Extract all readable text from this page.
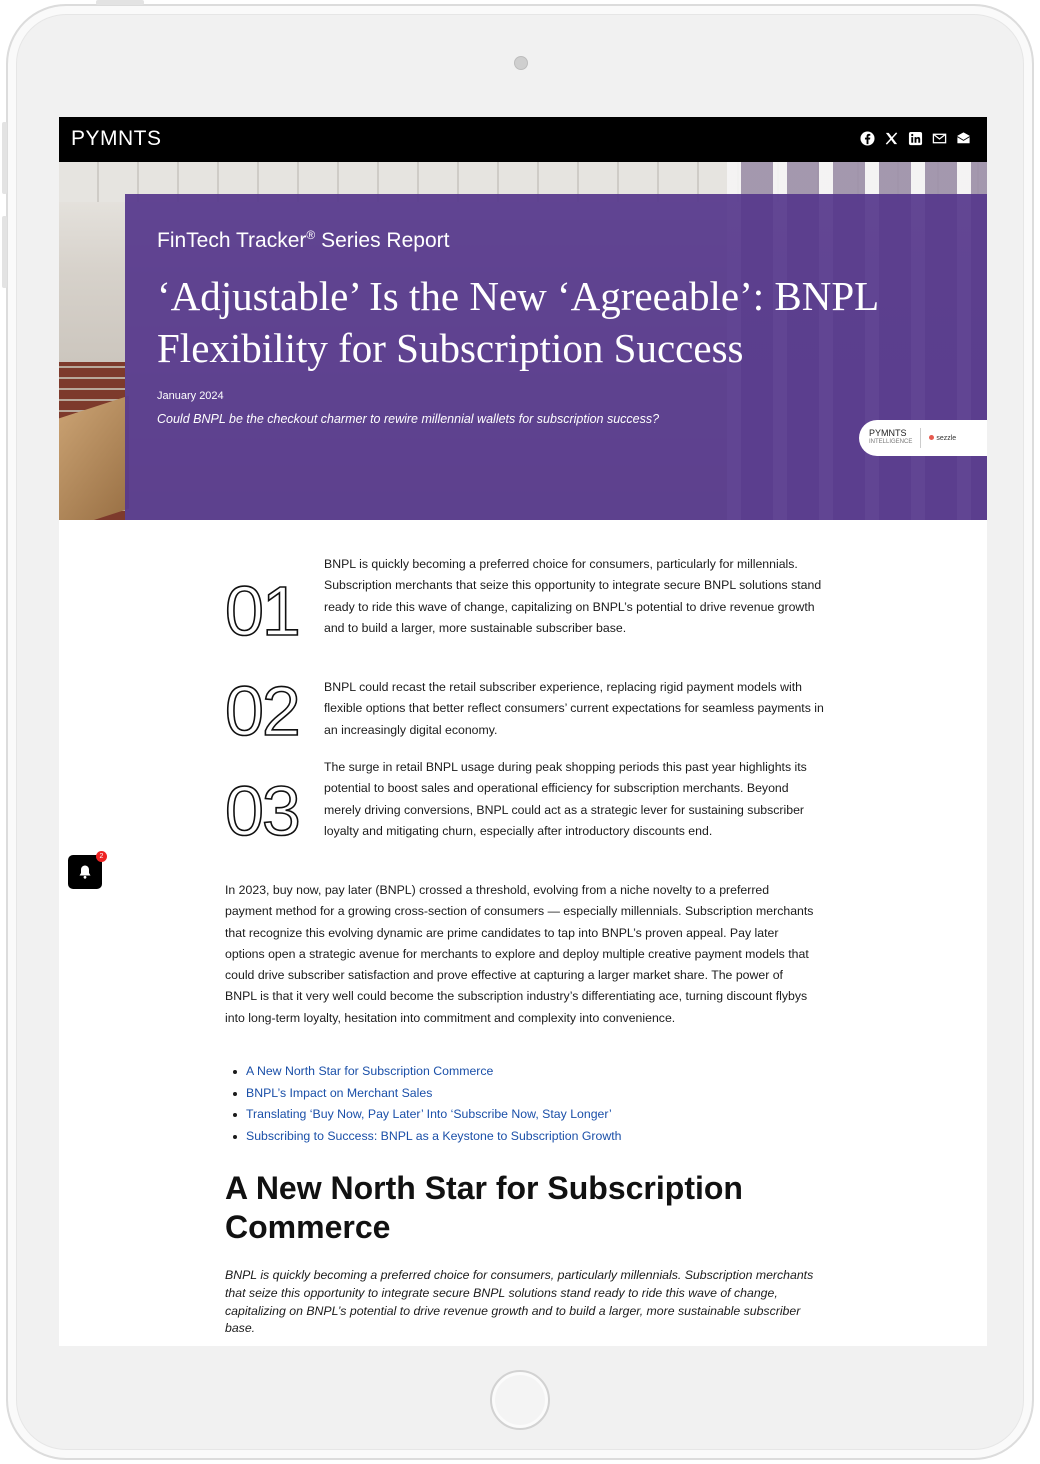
PYMNTS
FinTech Tracker® Series Report
‘Adjustable’ Is the New ‘Agreeable’: BNPL Flexibility for Subscription Success
January 2024
Could BNPL be the checkout charmer to rewire millennial wallets for subscription success?
PYMNTS
INTELLIGENCE
sezzle
01
BNPL is quickly becoming a preferred choice for consumers, particularly for millennials. Subscription merchants that seize this opportunity to integrate secure BNPL solutions stand ready to ride this wave of change, capitalizing on BNPL’s potential to drive revenue growth and to build a larger, more sustainable subscriber base.
02	BNPL could recast the retail subscriber experience, replacing rigid payment models with flexible options that better reflect consumers’ current expectations for seamless payments in an increasingly digital economy.
03
The surge in retail BNPL usage during peak shopping periods this past year highlights its potential to boost sales and operational efficiency for subscription merchants. Beyond merely driving conversions, BNPL could act as a strategic lever for sustaining subscriber loyalty and mitigating churn, especially after introductory discounts end.
In 2023, buy now, pay later (BNPL) crossed a threshold, evolving from a niche novelty to a preferred payment method for a growing cross-section of consumers — especially millennials. Subscription merchants that recognize this evolving dynamic are prime candidates to tap into BNPL’s proven appeal. Pay later options open a strategic avenue for merchants to explore and deploy multiple creative payment models that could drive subscriber satisfaction and prove effective at capturing a larger market share. The power of BNPL is that it very well could become the subscription industry’s differentiating ace, turning discount flybys into long-term loyalty, hesitation into commitment and complexity into convenience.
A New North Star for Subscription Commerce
BNPL’s Impact on Merchant Sales
Translating ‘Buy Now, Pay Later’ Into ‘Subscribe Now, Stay Longer’
Subscribing to Success: BNPL as a Keystone to Subscription Growth
A New North Star for Subscription Commerce
BNPL is quickly becoming a preferred choice for consumers, particularly millennials. Subscription merchants that seize this opportunity to integrate secure BNPL solutions stand ready to ride this wave of change, capitalizing on BNPL’s potential to drive revenue growth and to build a larger, more sustainable subscriber base.
2
